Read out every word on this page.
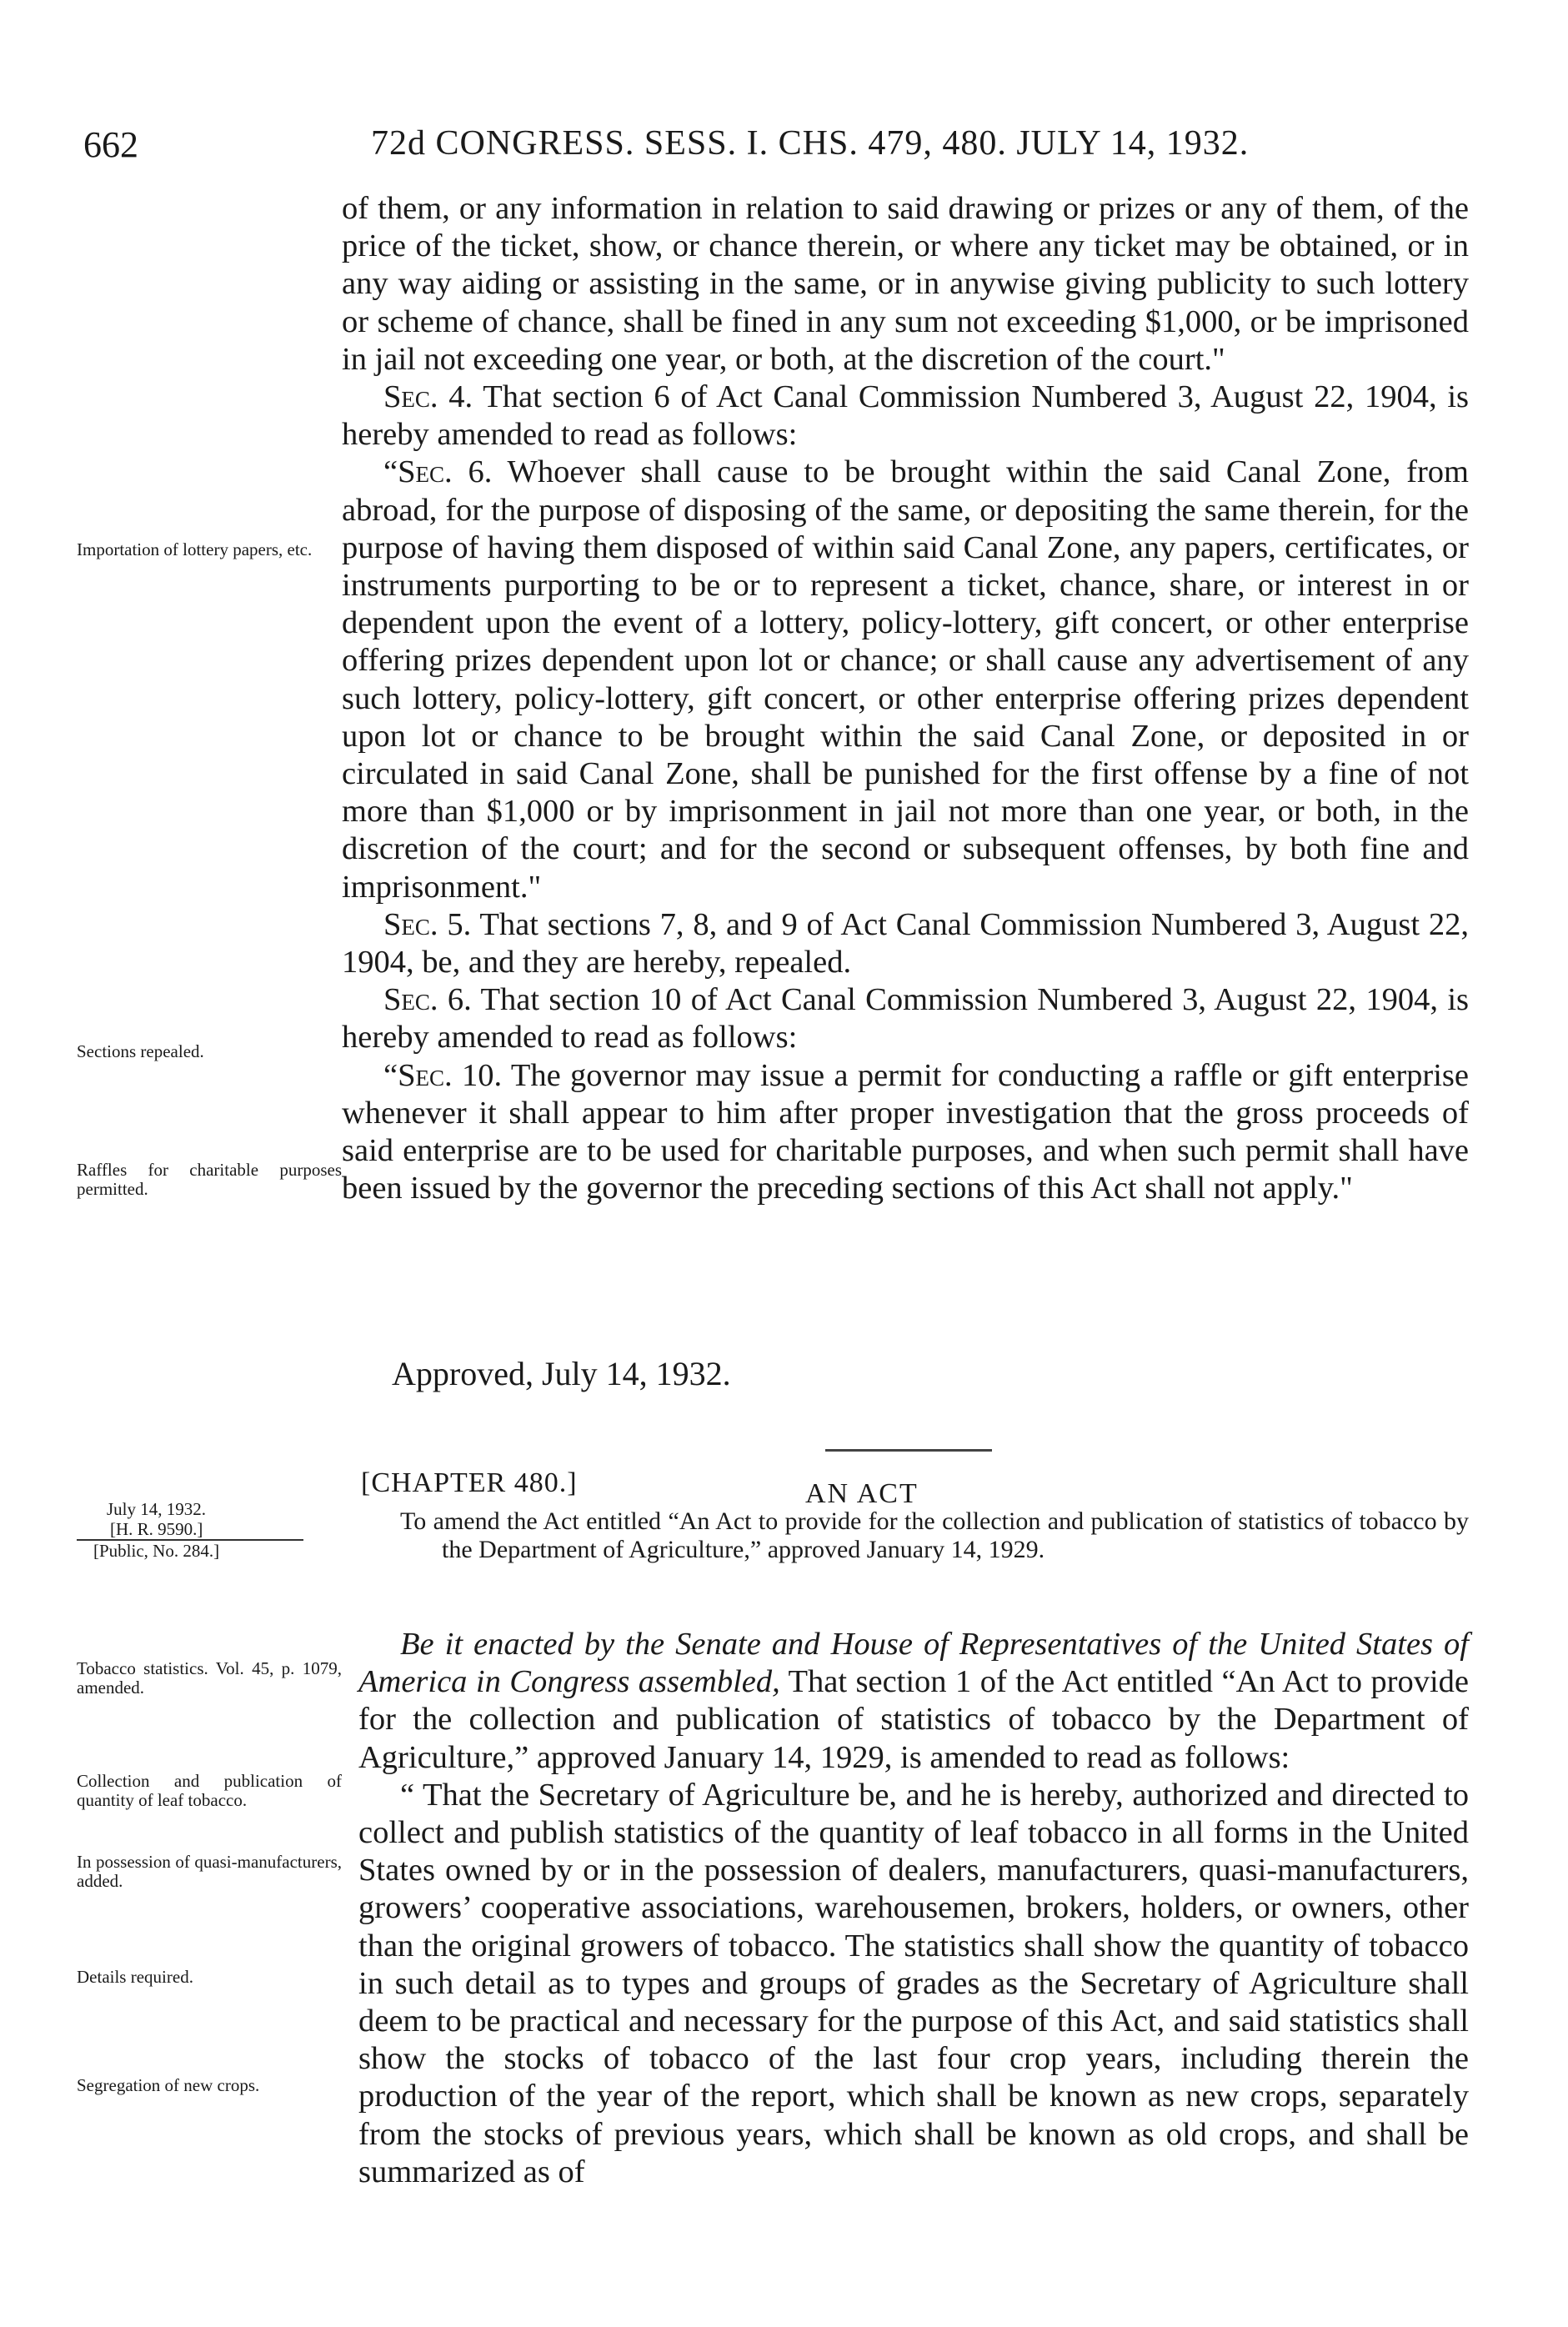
662	72d CONGRESS. SESS. I. CHS. 479, 480. JULY 14, 1932.

of them, or any information in relation to said drawing or prizes or any of them, of the price of the ticket, show, or chance therein, or where any ticket may be obtained, or in any way aiding or assisting in the same, or in anywise giving publicity to such lottery or scheme of chance, shall be fined in any sum not exceeding $1,000, or be imprisoned in jail not exceeding one year, or both, at the discretion of the court."

Sec. 4. That section 6 of Act Canal Commission Numbered 3, August 22, 1904, is hereby amended to read as follows:

“Sec. 6. Whoever shall cause to be brought within the said Canal Zone, from abroad, for the purpose of disposing of the same, or depositing the same therein, for the purpose of having them disposed of within said Canal Zone, any papers, certificates, or instruments purporting to be or to represent a ticket, chance, share, or interest in or dependent upon the event of a lottery, policy-lottery, gift concert, or other enterprise offering prizes dependent upon lot or chance; or shall cause any advertisement of any such lottery, policy-lottery, gift concert, or other enterprise offering prizes dependent upon lot or chance to be brought within the said Canal Zone, or deposited in or circulated in said Canal Zone, shall be punished for the first offense by a fine of not more than $1,000 or by imprisonment in jail not more than one year, or both, in the discretion of the court; and for the second or subsequent offenses, by both fine and imprisonment."

Sec. 5. That sections 7, 8, and 9 of Act Canal Commission Numbered 3, August 22, 1904, be, and they are hereby, repealed.

Sec. 6. That section 10 of Act Canal Commission Numbered 3, August 22, 1904, is hereby amended to read as follows:

“Sec. 10. The governor may issue a permit for conducting a raffle or gift enterprise whenever it shall appear to him after proper investigation that the gross proceeds of said enterprise are to be used for charitable purposes, and when such permit shall have been issued by the governor the preceding sections of this Act shall not apply."

Approved, July 14, 1932.
Importation of lottery papers, etc.
Sections repealed.
Raffles for charitable purposes permitted.
[CHAPTER 480.]	AN ACT
July 14, 1932.
[H. R. 9590.]
[Public, No. 284.]
To amend the Act entitled “An Act to provide for the collection and publication of statistics of tobacco by the Department of Agriculture,” approved January 14, 1929.

Be it enacted by the Senate and House of Representatives of the United States of America in Congress assembled, That section 1 of the Act entitled “An Act to provide for the collection and publication of statistics of tobacco by the Department of Agriculture,” approved January 14, 1929, is amended to read as follows:

“ That the Secretary of Agriculture be, and he is hereby, authorized and directed to collect and publish statistics of the quantity of leaf tobacco in all forms in the United States owned by or in the possession of dealers, manufacturers, quasi-manufacturers, growers’ cooperative associations, warehousemen, brokers, holders, or owners, other than the original growers of tobacco. The statistics shall show the quantity of tobacco in such detail as to types and groups of grades as the Secretary of Agriculture shall deem to be practical and necessary for the purpose of this Act, and said statistics shall show the stocks of tobacco of the last four crop years, including therein the production of the year of the report, which shall be known as new crops, separately from the stocks of previous years, which shall be known as old crops, and shall be summarized as of

Tobacco statistics. Vol. 45, p. 1079, amended.
Collection and publication of quantity of leaf tobacco.
In possession of quasi-manufacturers, added.
Details required.
Segregation of new crops.
